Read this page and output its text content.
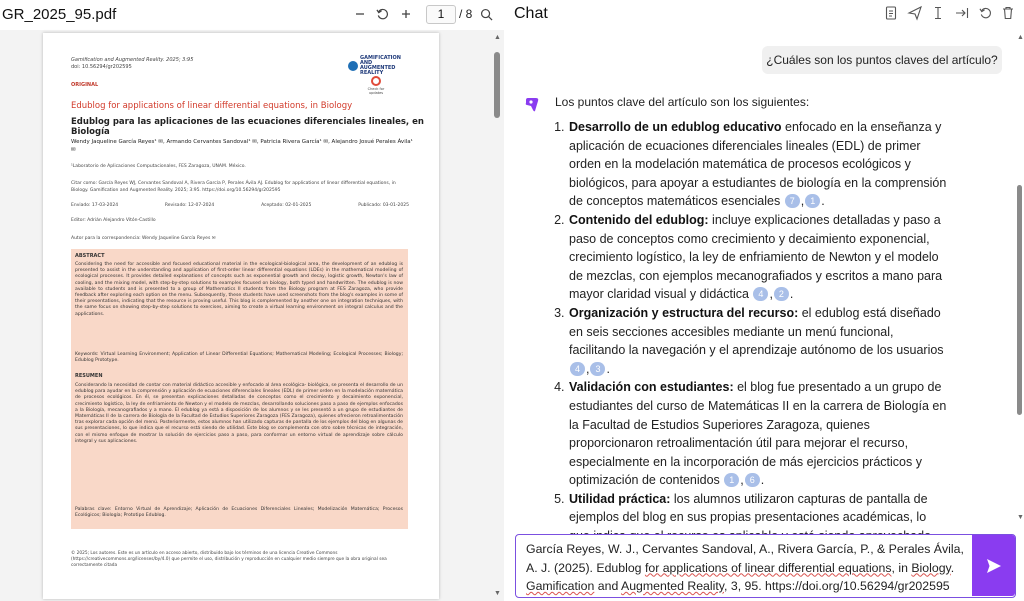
GR_2025_95.pdf	1	/ 8
Gamification and Augmented Reality. 2025; 3:95
doi: 10.56294/gr202595
ORIGINAL
GAMIFICATION AND AUGMENTED REALITY
Check for updates
Edublog for applications of linear differential equations, in Biology
Edublog para las aplicaciones de las ecuaciones diferenciales lineales, en Biología
Wendy Jaqueline García Reyes¹ ✉, Armando Cervantes Sandoval¹ ✉, Patricia Rivera García¹ ✉, Alejandro Josué Perales Ávila¹ ✉
¹Laboratorio de Aplicaciones Computacionales, FES Zaragoza, UNAM. México.
Citar como: García Reyes WJ, Cervantes Sandoval A, Rivera García P, Perales Ávila AJ. Edublog for applications of linear differential equations, in Biology. Gamification and Augmented Reality. 2025; 3:95. https://doi.org/10.56294/gr202595
Enviado: 17-03-2024	Revisado: 12-07-2024	Aceptado: 02-01-2025	Publicado: 03-01-2025
Editor: Adrián Alejandro Vitón-Castillo
Autor para la correspondencia: Wendy Jaqueline García Reyes ✉
ABSTRACT
Considering the need for accessible and focused educational material in the ecological-biological area, the development of an edublog is presented to assist in the understanding and application of first-order linear differential equations (LDEs) in the mathematical modeling of ecological processes. It provides detailed explanations of concepts such as exponential growth and decay, logistic growth, Newton's law of cooling, and the mixing model, with step-by-step solutions to examples focused on biology, both typed and handwritten. The edublog is now available to students and is presented to a group of Mathematics II students from the Biology program at FES Zaragoza, who provide feedback after exploring each option on the menu. Subsequently, these students have used screenshots from the blog's examples in some of their presentations, indicating that the resource is proving useful. This blog is complemented by another one on integration techniques, with the same focus on showing step-by-step solutions to exercises, aiming to create a virtual learning environment on integral calculus and the applications.
Keywords: Virtual Learning Environment; Application of Linear Differential Equations; Mathematical Modeling; Ecological Processes; Biology; Edublog Prototype.
RESUMEN
Considerando la necesidad de contar con material didáctico accesible y enfocado al área ecológica- biológica, se presenta el desarrollo de un edublog para ayudar en la comprensión y aplicación de ecuaciones diferenciales lineales (EDL) de primer orden en la modelación matemática de procesos ecológicos. En él, se presentan explicaciones detalladas de conceptos como el crecimiento y decaimiento exponencial, crecimiento logístico, la ley de enfriamiento de Newton y el modelo de mezclas, desarrollando soluciones paso a paso de ejemplos enfocados a la Biología, mecanografiados y a mano. El edublog ya está a disposición de los alumnos y se les presentó a un grupo de estudiantes de Matemáticas II de la carrera de Biología de la Facultad de Estudios Superiores Zaragoza (FES Zaragoza), quienes ofrecieron retroalimentación tras explorar cada opción del menú. Posteriormente, estos alumnos han utilizado capturas de pantalla de los ejemplos del blog en algunas de sus presentaciones, lo que indica que el recurso está siendo de utilidad. Este blog se complementa con otro sobre técnicas de integración, con el mismo enfoque de mostrar la solución de ejercicios paso a paso, para conformar un entorno virtual de aprendizaje sobre cálculo integral y sus aplicaciones.
Palabras clave: Entorno Virtual de Aprendizaje; Aplicación de Ecuaciones Diferenciales Lineales; Modelización Matemática; Procesos Ecológicos; Biología; Prototipo Edublog.
© 2025; Los autores. Este es un artículo en acceso abierto, distribuido bajo los términos de una licencia Creative Commons (https://creativecommons.org/licenses/by/4.0) que permite el uso, distribución y reproducción en cualquier medio siempre que la obra original sea correctamente citada
▲
▼
Chat
¿Cuáles son los puntos claves del artículo?
Los puntos clave del artículo son los siguientes:
1. Desarrollo de un edublog educativo enfocado en la enseñanza y aplicación de ecuaciones diferenciales lineales (EDL) de primer orden en la modelación matemática de procesos ecológicos y biológicos, para apoyar a estudiantes de biología en la comprensión de conceptos matemáticos esenciales 7 , 1 .
2. Contenido del edublog: incluye explicaciones detalladas y paso a paso de conceptos como crecimiento y decaimiento exponencial, crecimiento logístico, la ley de enfriamiento de Newton y el modelo de mezclas, con ejemplos mecanografiados y escritos a mano para mayor claridad visual y didáctica 4 , 2 .
3. Organización y estructura del recurso: el edublog está diseñado en seis secciones accesibles mediante un menú funcional, facilitando la navegación y el aprendizaje autónomo de los usuarios 4 , 3 .
4. Validación con estudiantes: el blog fue presentado a un grupo de estudiantes del curso de Matemáticas II en la carrera de Biología en la Facultad de Estudios Superiores Zaragoza, quienes proporcionaron retroalimentación útil para mejorar el recurso, especialmente en la incorporación de más ejercicios prácticos y optimización de contenidos 1 , 6 .
5. Utilidad práctica: los alumnos utilizaron capturas de pantalla de ejemplos del blog en sus propias presentaciones académicas, lo
▲
▼
García Reyes, W. J., Cervantes Sandoval, A., Rivera García, P., & Perales Ávila, A. J. (2025). Edublog for applications of linear differential equations, in Biology. Gamification and Augmented Reality, 3, 95. https://doi.org/10.56294/gr202595
